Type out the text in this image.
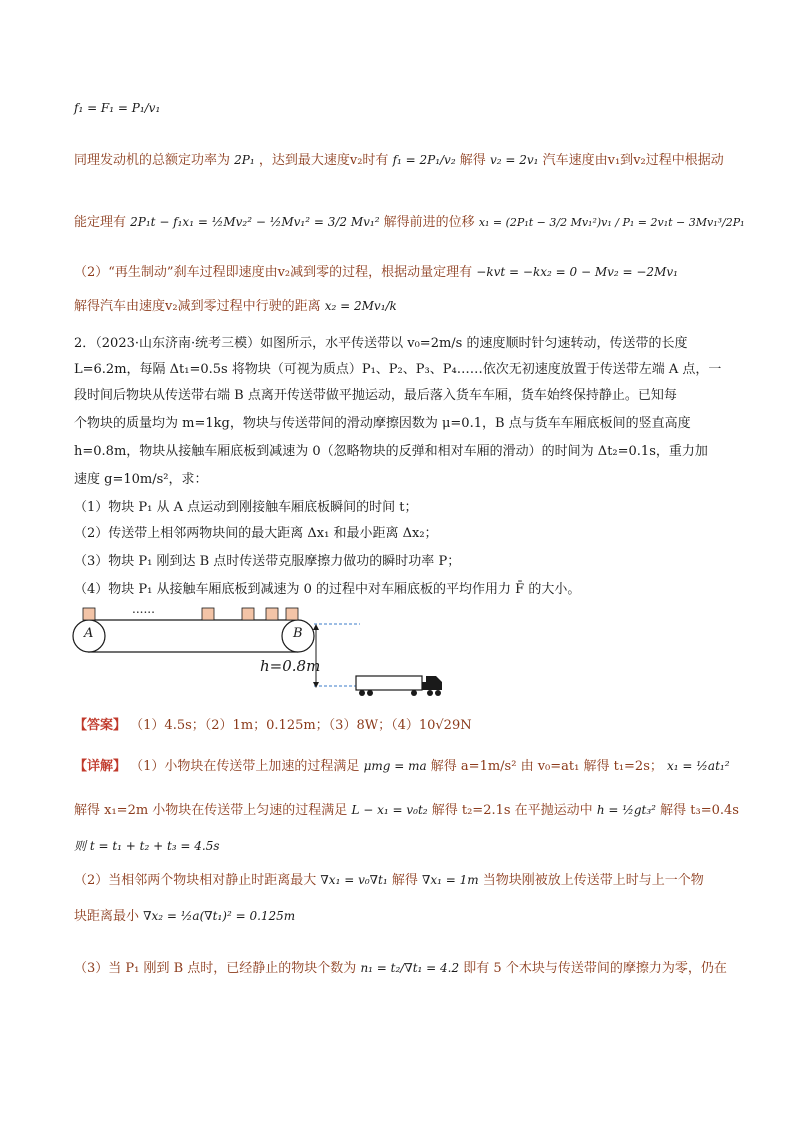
f₁ = F₁ = P₁/v₁
同理发动机的总额定功率为 2P₁ ，达到最大速度v₂时有 f₁ = 2P₁/v₂ 解得 v₂ = 2v₁ 汽车速度由v₁到v₂过程中根据动
能定理有 2P₁t − f₁x₁ = ½Mv₂² − ½Mv₁² = 3/2 Mv₁² 解得前进的位移 x₁ = (2P₁t − 3/2 Mv₁²)v₁ / P₁ = 2v₁t − 3Mv₁³/2P₁
（2）“再生制动”刹车过程即速度由v₂减到零的过程，根据动量定理有 −kvt = −kx₂ = 0 − Mv₂ = −2Mv₁
解得汽车由速度v₂减到零过程中行驶的距离 x₂ = 2Mv₁/k
2．（2023·山东济南·统考三模）如图所示，水平传送带以 v₀=2m/s 的速度顺时针匀速转动，传送带的长度
L=6.2m，每隔 Δt₁=0.5s 将物块（可视为质点）P₁、P₂、P₃、P₄……依次无初速度放置于传送带左端 A 点，一
段时间后物块从传送带右端 B 点离开传送带做平抛运动，最后落入货车车厢，货车始终保持静止。已知每
个物块的质量均为 m=1kg，物块与传送带间的滑动摩擦因数为 μ=0.1，B 点与货车车厢底板间的竖直高度
h=0.8m，物块从接触车厢底板到减速为 0（忽略物块的反弹和相对车厢的滑动）的时间为 Δt₂=0.1s，重力加
速度 g=10m/s²，求：
（1）物块 P₁ 从 A 点运动到刚接触车厢底板瞬间的时间 t；
（2）传送带上相邻两物块间的最大距离 Δx₁ 和最小距离 Δx₂；
（3）物块 P₁ 刚到达 B 点时传送带克服摩擦力做功的瞬时功率 P；
（4）物块 P₁ 从接触车厢底板到减速为 0 的过程中对车厢底板的平均作用力 F̄ 的大小。
......
A	B
h=0.8m
【答案】 （1）4.5s；（2）1m；0.125m；（3）8W；（4）10√29N
【详解】 （1）小物块在传送带上加速的过程满足 μmg = ma 解得 a=1m/s² 由 v₀=at₁ 解得 t₁=2s； x₁ = ½at₁²
解得 x₁=2m 小物块在传送带上匀速的过程满足 L − x₁ = v₀t₂ 解得 t₂=2.1s 在平抛运动中 h = ½gt₃² 解得 t₃=0.4s
则 t = t₁ + t₂ + t₃ = 4.5s
（2）当相邻两个物块相对静止时距离最大 ∇x₁ = v₀∇t₁ 解得 ∇x₁ = 1m 当物块刚被放上传送带上时与上一个物
块距离最小 ∇x₂ = ½a(∇t₁)² = 0.125m
（3）当 P₁ 刚到 B 点时，已经静止的物块个数为 n₁ = t₂/∇t₁ = 4.2 即有 5 个木块与传送带间的摩擦力为零，仍在
